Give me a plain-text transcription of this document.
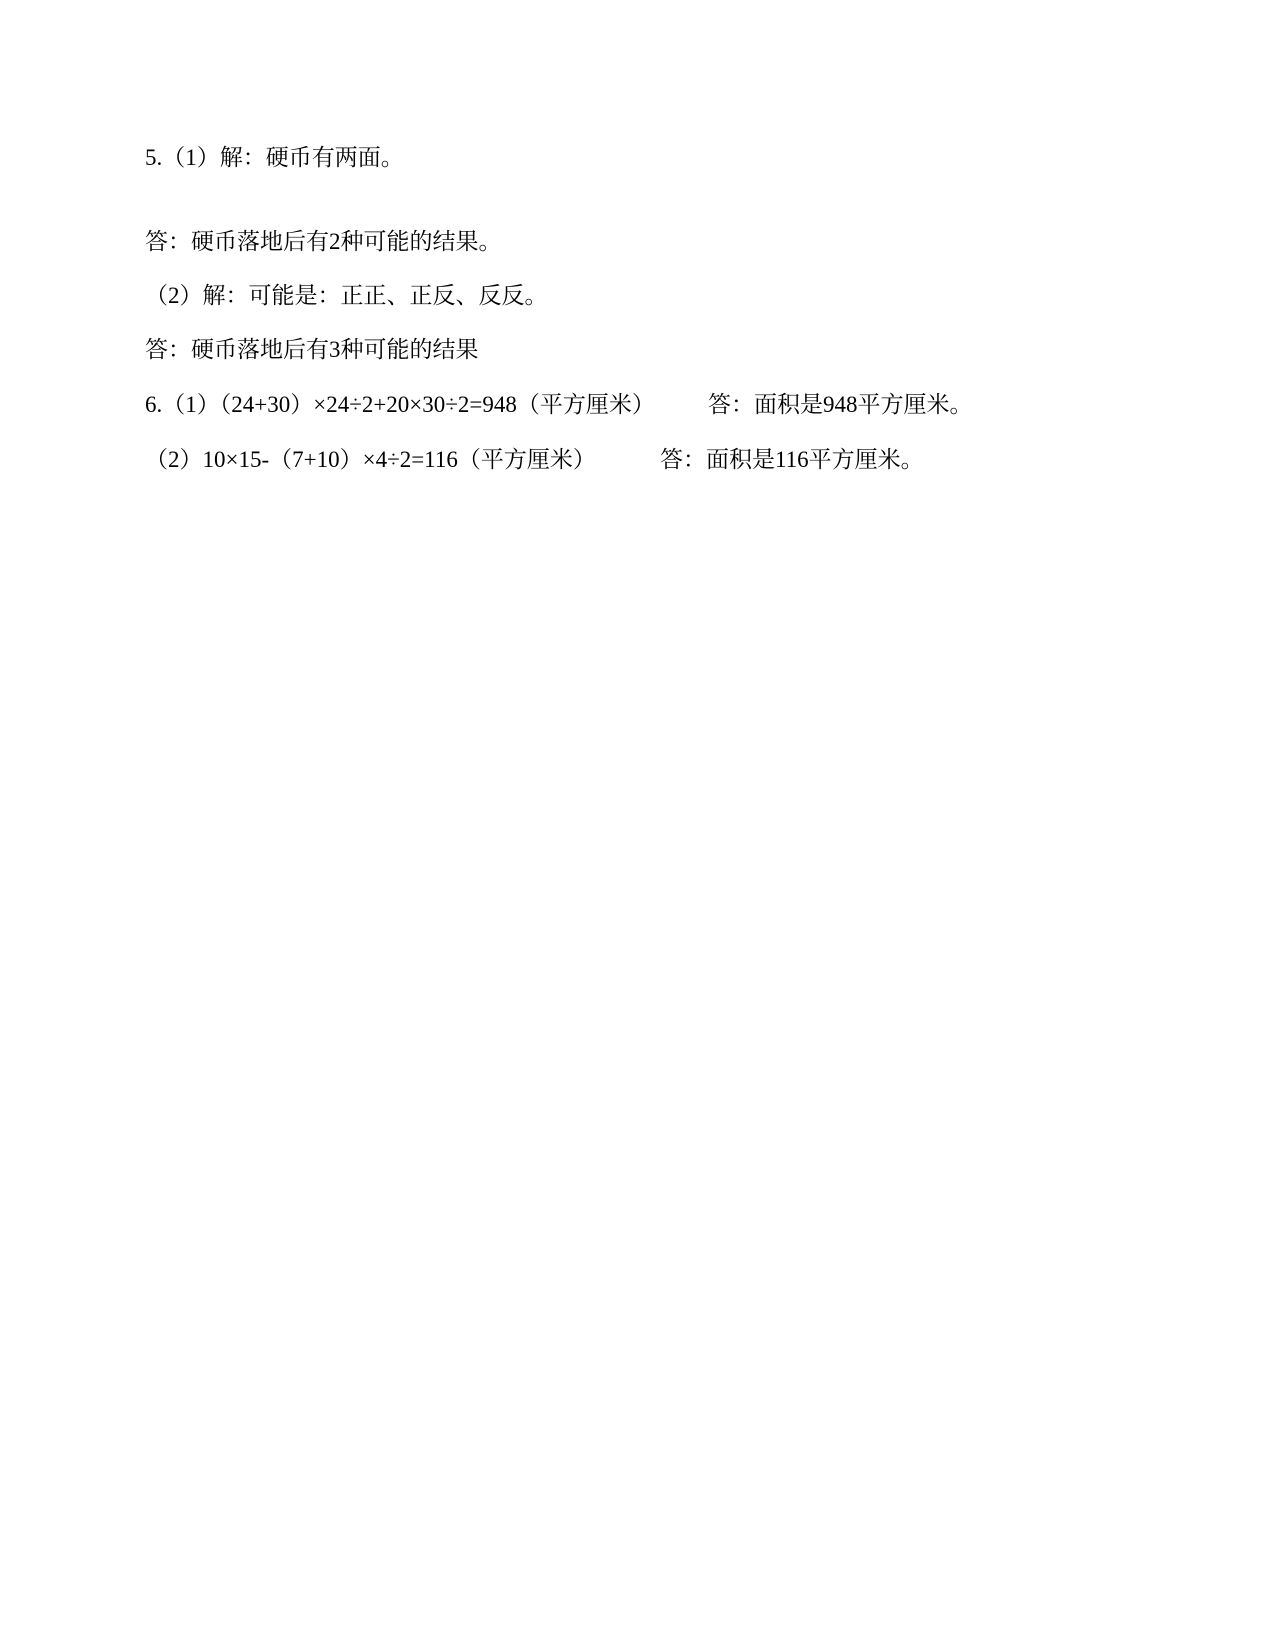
5.（1）解：硬币有两面。
答：硬币落地后有2种可能的结果。
（2）解：可能是：正正、正反、反反。
答：硬币落地后有3种可能的结果
6.（1）（24+30）×24÷2+20×30÷2=948（平方厘米） 答：面积是948平方厘米。
（2）10×15-（7+10）×4÷2=116（平方厘米）	答：面积是116平方厘米。
